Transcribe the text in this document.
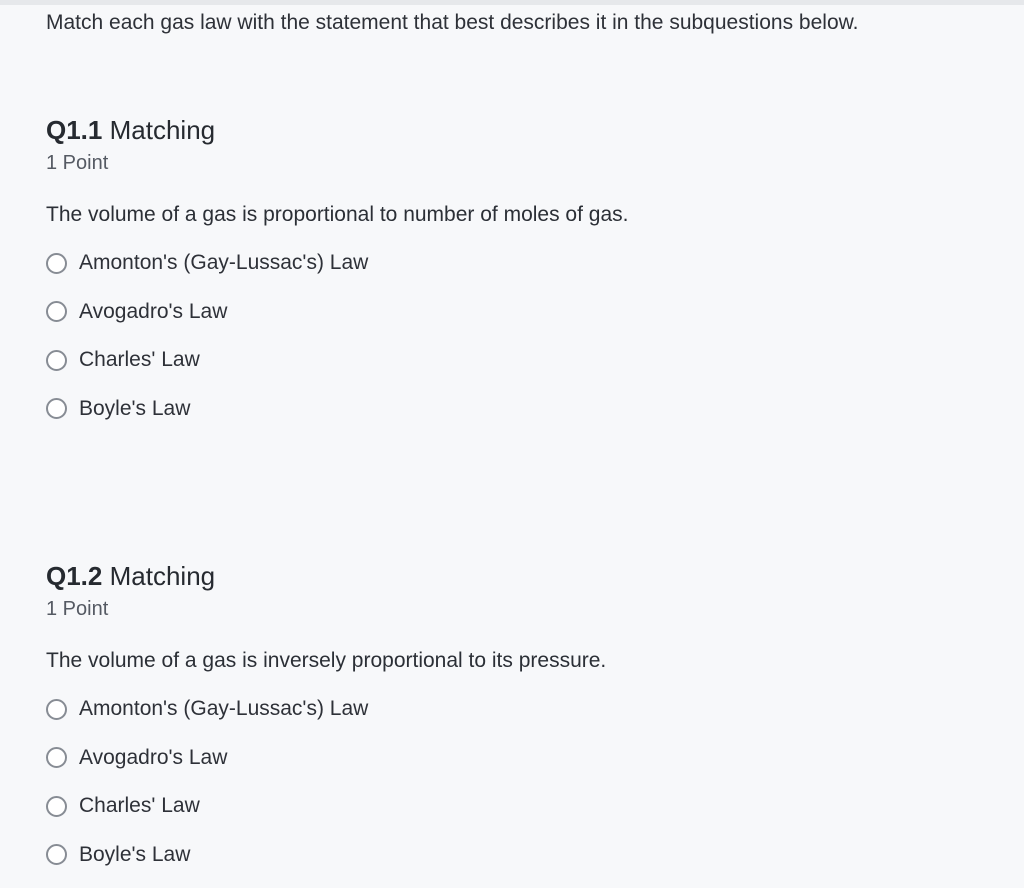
Match each gas law with the statement that best describes it in the subquestions below.
Q1.1 Matching
1 Point
The volume of a gas is proportional to number of moles of gas.
Amonton's (Gay-Lussac's) Law
Avogadro's Law
Charles' Law
Boyle's Law
Q1.2 Matching
1 Point
The volume of a gas is inversely proportional to its pressure.
Amonton's (Gay-Lussac's) Law
Avogadro's Law
Charles' Law
Boyle's Law
